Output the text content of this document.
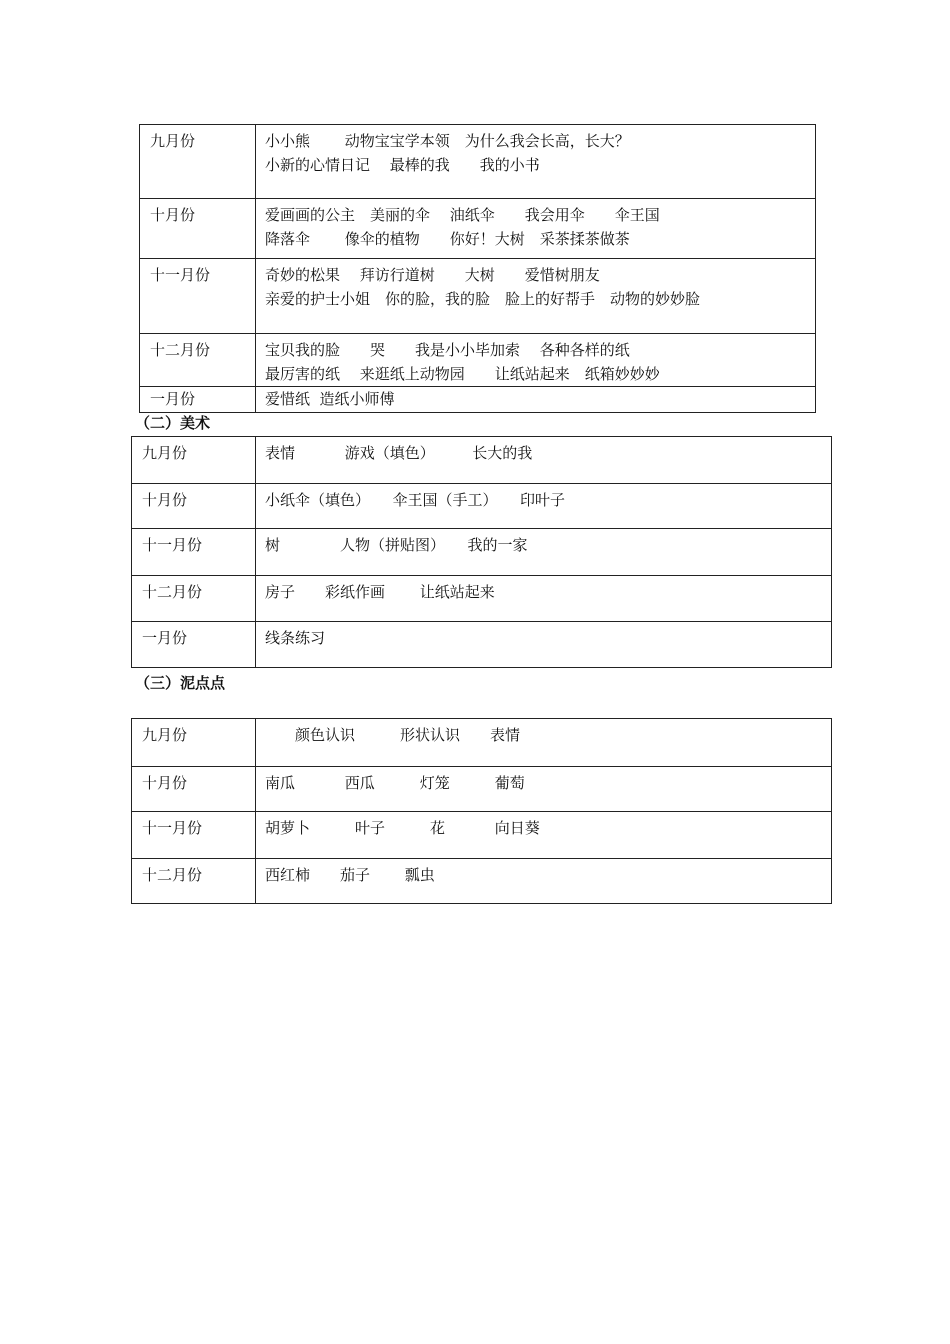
九月份	小小熊　　 动物宝宝学本领　为什么我会长高，长大？
小新的心情日记　 最棒的我　　我的小书

十月份	爱画画的公主　美丽的伞　 油纸伞　　我会用伞　　伞王国
降落伞　　 像伞的植物　　你好！大树　采茶揉茶做茶

十一月份	奇妙的松果　 拜访行道树　　大树　　爱惜树朋友
亲爱的护士小姐　你的脸，我的脸　脸上的好帮手　动物的妙妙脸

十二月份	宝贝我的脸　　哭　　我是小小毕加索　 各种各样的纸
最厉害的纸　 来逛纸上动物园　　让纸站起来　纸箱妙妙妙

一月份	爱惜纸  造纸小师傅
（二）美术
九月份	表情　　　 游戏（填色）　　　长大的我

十月份	小纸伞（填色）　　伞王国（手工）　　印叶子

十一月份	树　　　　人物（拼贴图）　　我的一家

十二月份	房子　　彩纸作画　　 让纸站起来

一月份	线条练习
（三）泥点点
九月份	　　颜色认识　　　形状认识　　表情

十月份	南瓜　　　 西瓜　　　灯笼　　　葡萄

十一月份	胡萝卜　　　叶子　　　花　　　 向日葵

十二月份	西红柿　　茄子　　 瓢虫
